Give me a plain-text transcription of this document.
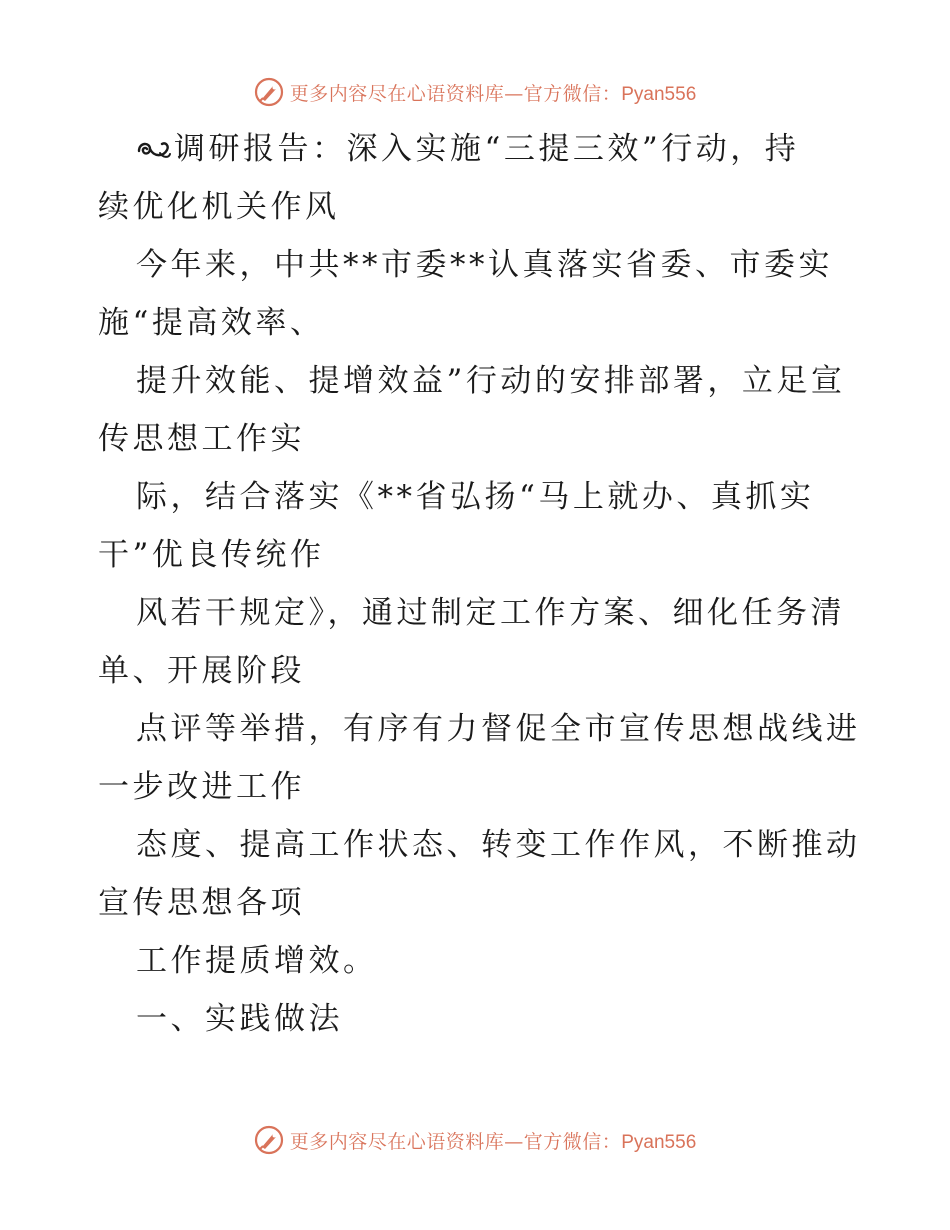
更多内容尽在心语资料库—官方微信：Pyan556
调研报告：深入实施“三提三效”行动，持
续优化机关作风
今年来，中共**市委**认真落实省委、市委实
施“提高效率、
提升效能、提增效益”行动的安排部署，立足宣
传思想工作实
际，结合落实《**省弘扬“马上就办、真抓实
干”优良传统作
风若干规定》，通过制定工作方案、细化任务清
单、开展阶段
点评等举措，有序有力督促全市宣传思想战线进
一步改进工作
态度、提高工作状态、转变工作作风，不断推动
宣传思想各项
工作提质增效。
一、实践做法
更多内容尽在心语资料库—官方微信：Pyan556
